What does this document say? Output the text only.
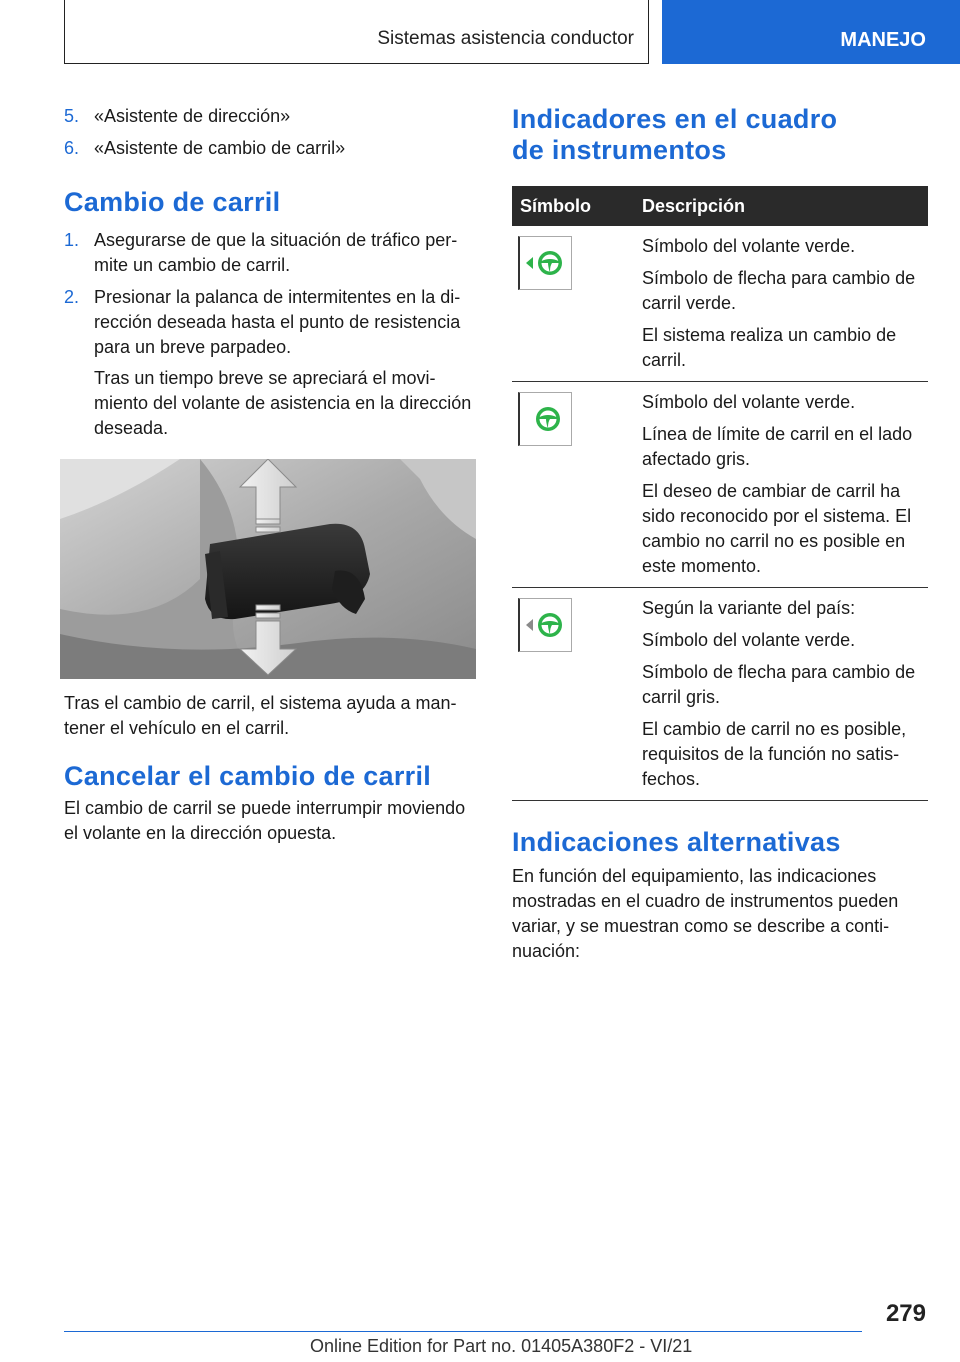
Sistemas asistencia conductor	MANEJO
5. «Asistente de dirección»
6. «Asistente de cambio de carril»
Cambio de carril
1. Asegurarse de que la situación de tráfico permite un cambio de carril.
2. Presionar la palanca de intermitentes en la dirección deseada hasta el punto de resistencia para un breve parpadeo.
Tras un tiempo breve se apreciará el movimiento del volante de asistencia en la dirección deseada.

Tras el cambio de carril, el sistema ayuda a mantener el vehículo en el carril.

Cancelar el cambio de carril

El cambio de carril se puede interrumpir moviendo el volante en la dirección opuesta.

Indicadores en el cuadro
de instrumentos
Símbolo	Descripción

Símbolo del volante verde.
Símbolo de flecha para cambio de carril verde.
El sistema realiza un cambio de carril.

Símbolo del volante verde.
Línea de límite de carril en el lado afectado gris.
El deseo de cambiar de carril ha sido reconocido por el sistema. El cambio no carril no es posible en este momento.

Según la variante del país:
Símbolo del volante verde.
Símbolo de flecha para cambio de carril gris.
El cambio de carril no es posible, requisitos de la función no satisfechos.
Indicaciones alternativas

En función del equipamiento, las indicaciones mostradas en el cuadro de instrumentos pueden variar, y se muestran como se describe a continuación:

279
Online Edition for Part no. 01405A380F2 - VI/21
